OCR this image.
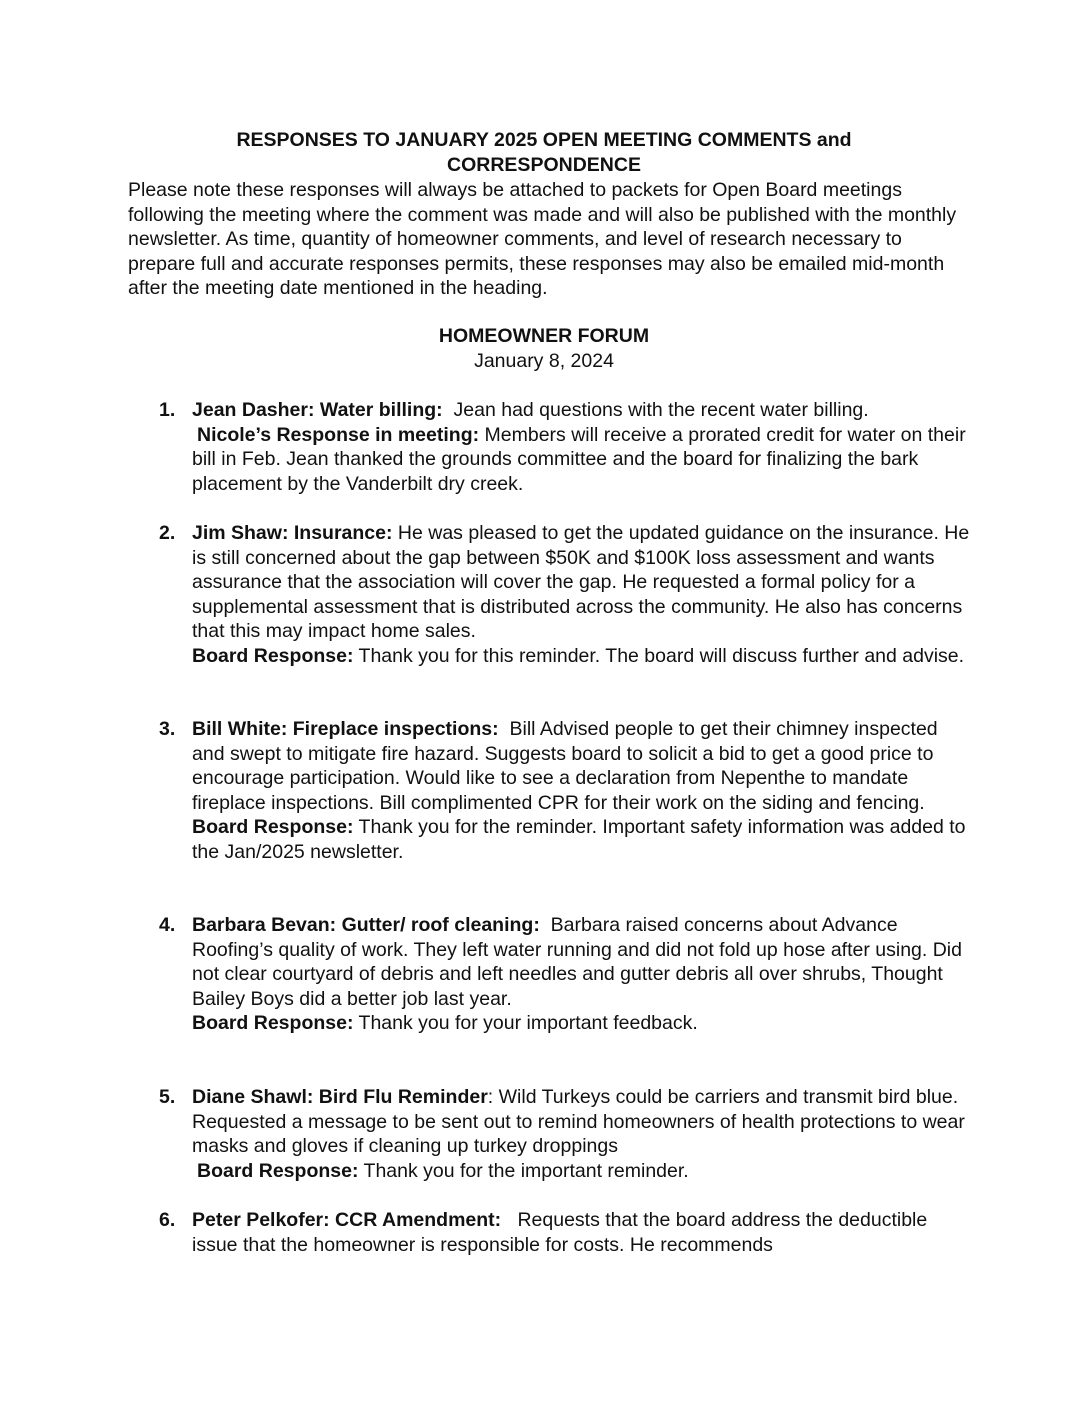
RESPONSES TO JANUARY 2025 OPEN MEETING COMMENTS and
CORRESPONDENCE
Please note these responses will always be attached to packets for Open Board meetings following the meeting where the comment was made and will also be published with the monthly newsletter. As time, quantity of homeowner comments, and level of research necessary to prepare full and accurate responses permits, these responses may also be emailed mid-month after the meeting date mentioned in the heading.
HOMEOWNER FORUM
January 8, 2024
1. Jean Dasher: Water billing: Jean had questions with the recent water billing.
Nicole’s Response in meeting: Members will receive a prorated credit for water on their bill in Feb. Jean thanked the grounds committee and the board for finalizing the bark placement by the Vanderbilt dry creek.
2. Jim Shaw: Insurance: He was pleased to get the updated guidance on the insurance. He is still concerned about the gap between $50K and $100K loss assessment and wants assurance that the association will cover the gap. He requested a formal policy for a supplemental assessment that is distributed across the community. He also has concerns that this may impact home sales.
Board Response: Thank you for this reminder. The board will discuss further and advise.
3. Bill White: Fireplace inspections: Bill Advised people to get their chimney inspected and swept to mitigate fire hazard. Suggests board to solicit a bid to get a good price to encourage participation. Would like to see a declaration from Nepenthe to mandate fireplace inspections. Bill complimented CPR for their work on the siding and fencing.
Board Response: Thank you for the reminder. Important safety information was added to the Jan/2025 newsletter.
4. Barbara Bevan: Gutter/ roof cleaning: Barbara raised concerns about Advance Roofing’s quality of work. They left water running and did not fold up hose after using. Did not clear courtyard of debris and left needles and gutter debris all over shrubs, Thought Bailey Boys did a better job last year.
Board Response: Thank you for your important feedback.
5. Diane Shawl: Bird Flu Reminder: Wild Turkeys could be carriers and transmit bird blue. Requested a message to be sent out to remind homeowners of health protections to wear masks and gloves if cleaning up turkey droppings
Board Response: Thank you for the important reminder.
6. Peter Pelkofer: CCR Amendment: Requests that the board address the deductible issue that the homeowner is responsible for costs. He recommends
